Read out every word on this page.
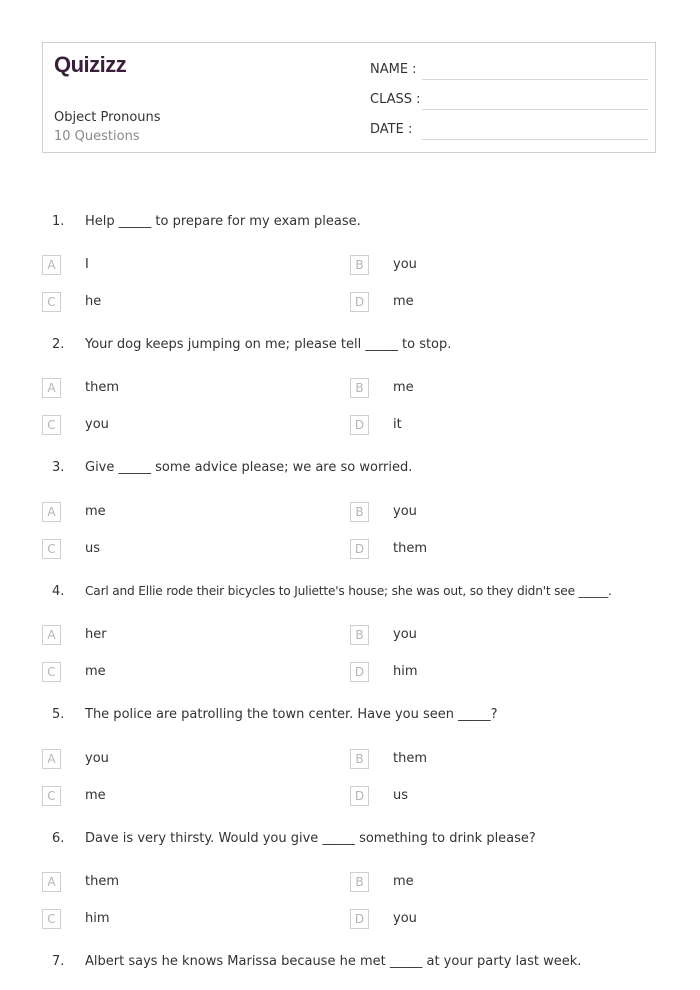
Quizizz
Object Pronouns
10 Questions
NAME :
CLASS :
DATE :
1. Help _____ to prepare for my exam please.
A	I	B	you
C	he	D	me
2. Your dog keeps jumping on me; please tell _____ to stop.
A	them	B	me
C	you	D	it
3. Give _____ some advice please; we are so worried.
A	me	B	you
C	us	D	them
4. Carl and Ellie rode their bicycles to Juliette's house; she was out, so they didn't see _____.
A	her	B	you
C	me	D	him
5. The police are patrolling the town center. Have you seen _____?
A	you	B	them
C	me	D	us
6. Dave is very thirsty. Would you give _____ something to drink please?
A	them	B	me
C	him	D	you
7. Albert says he knows Marissa because he met _____ at your party last week.
